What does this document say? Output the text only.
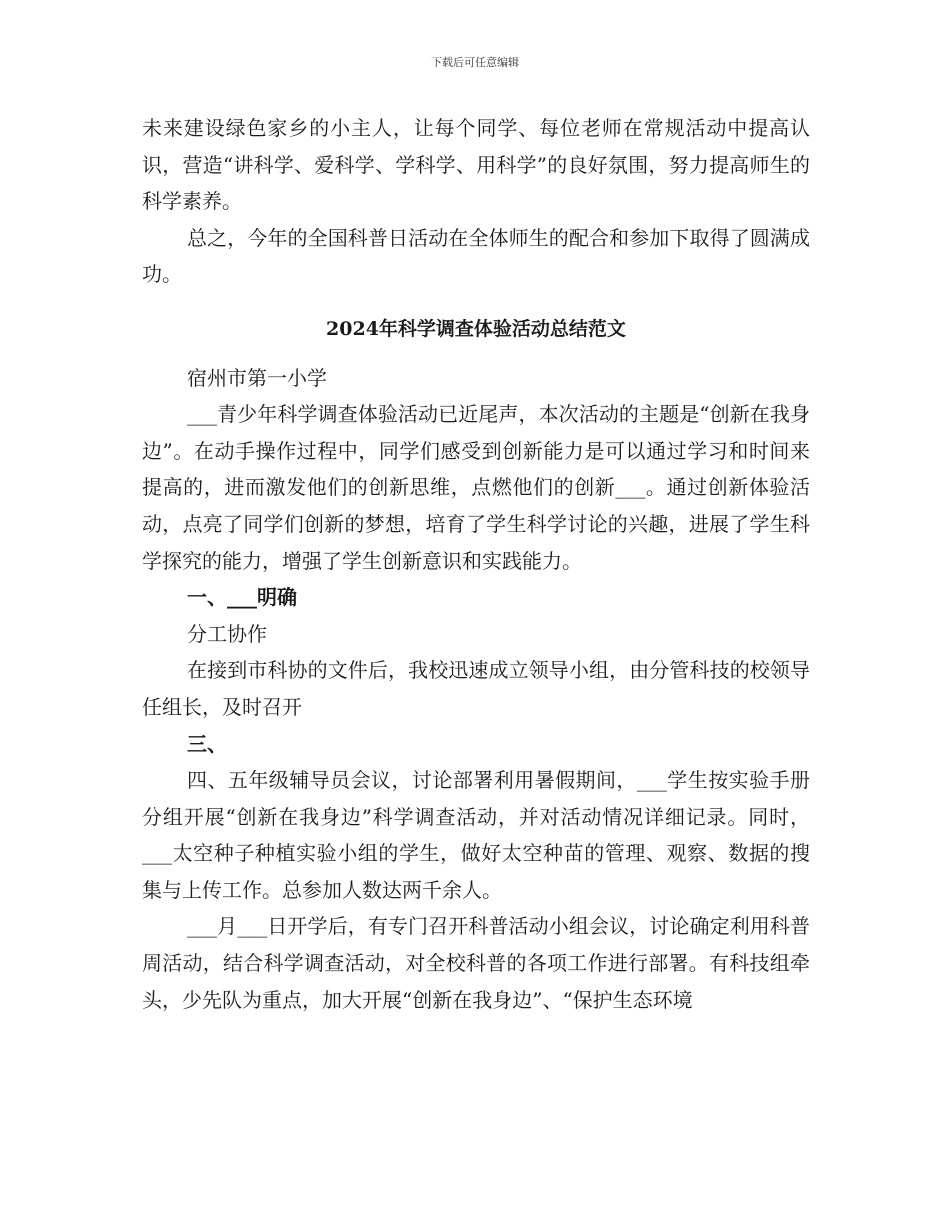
下载后可任意编辑

未来建设绿色家乡的小主人，让每个同学、每位老师在常规活动中提高认识，营造“讲科学、爱科学、学科学、用科学”的良好氛围，努力提高师生的科学素养。

总之，今年的全国科普日活动在全体师生的配合和参加下取得了圆满成功。

2024年科学调查体验活动总结范文

宿州市第一小学

___青少年科学调查体验活动已近尾声，本次活动的主题是“创新在我身边”。在动手操作过程中，同学们感受到创新能力是可以通过学习和时间来提高的，进而激发他们的创新思维，点燃他们的创新___。通过创新体验活动，点亮了同学们创新的梦想，培育了学生科学讨论的兴趣，进展了学生科学探究的能力，增强了学生创新意识和实践能力。

一、___明确

分工协作

在接到市科协的文件后，我校迅速成立领导小组，由分管科技的校领导任组长，及时召开

三、

四、五年级辅导员会议，讨论部署利用暑假期间，___学生按实验手册分组开展“创新在我身边”科学调查活动，并对活动情况详细记录。同时，___太空种子种植实验小组的学生，做好太空种苗的管理、观察、数据的搜集与上传工作。总参加人数达两千余人。

___月___日开学后，有专门召开科普活动小组会议，讨论确定利用科普周活动，结合科学调查活动，对全校科普的各项工作进行部署。有科技组牵头，少先队为重点，加大开展“创新在我身边”、“保护生态环境
